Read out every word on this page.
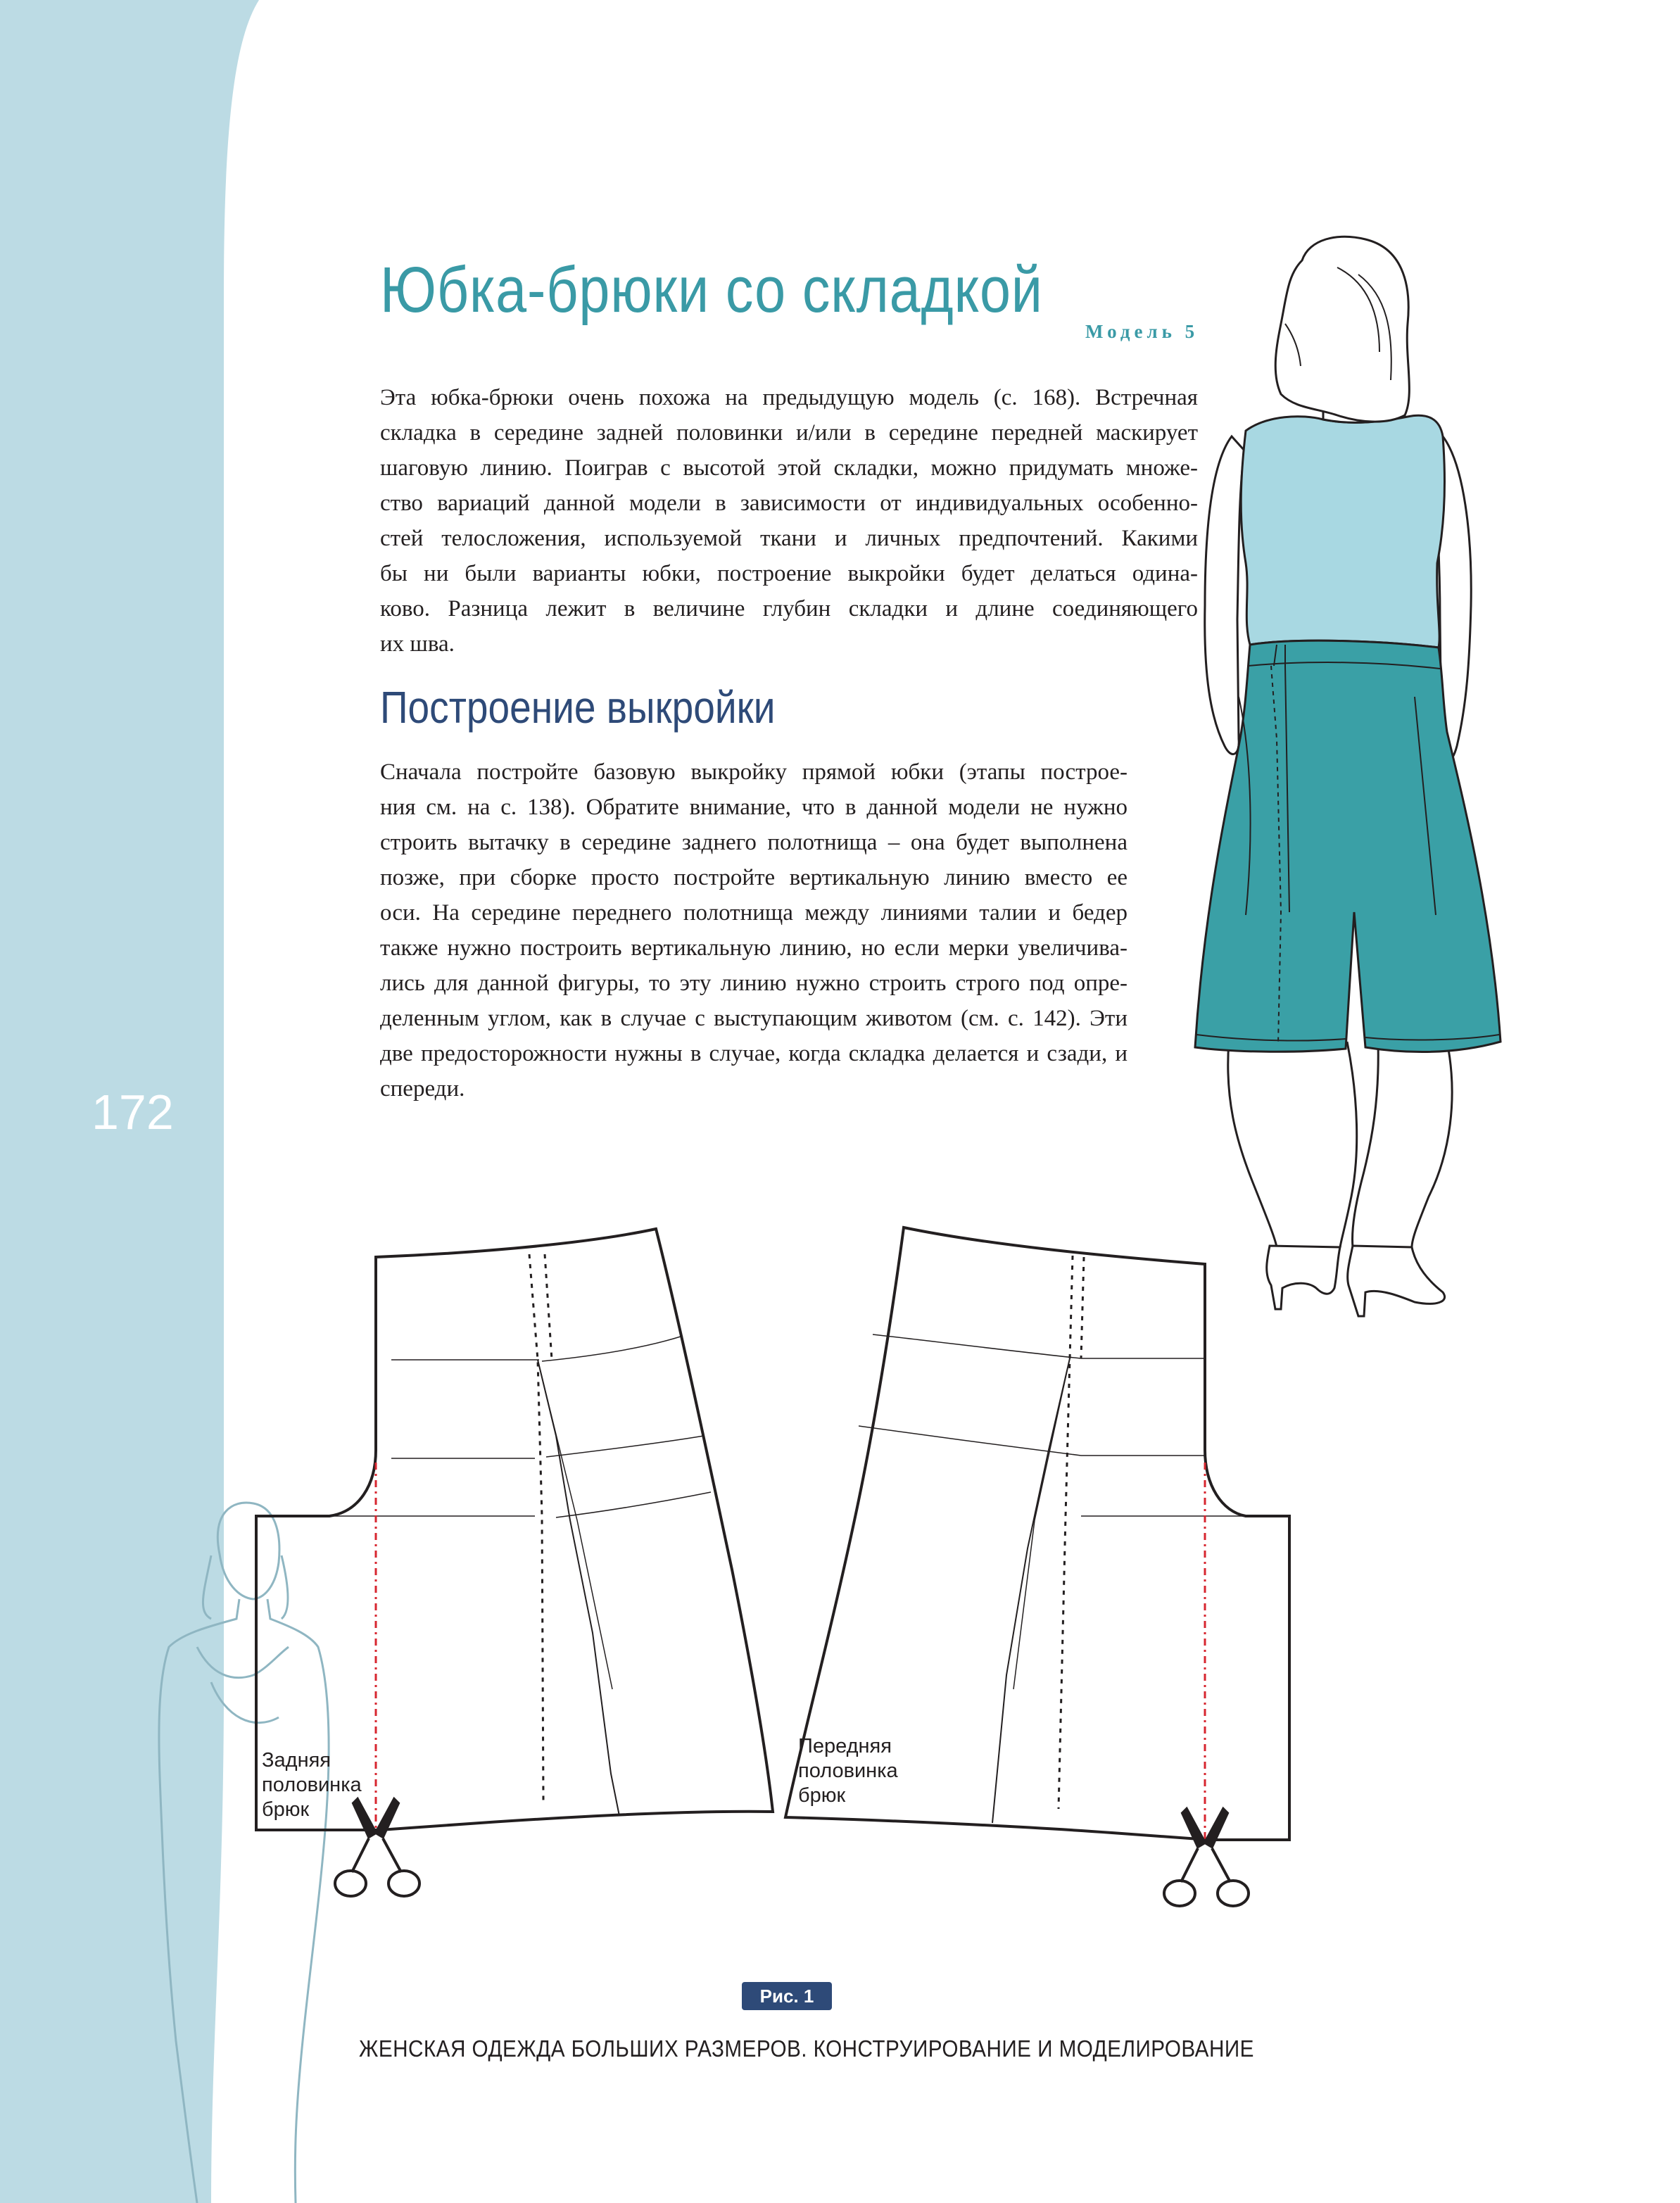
172
Юбка-брюки со складкой
Модель 5
Эта юбка-брюки очень похожа на предыдущую модель (с. 168). Встречная
складка в середине задней половинки и/или в середине передней маскирует
шаговую линию. Поиграв с высотой этой складки, можно придумать множе-
ство вариаций данной модели в зависимости от индивидуальных особенно-
стей телосложения, используемой ткани и личных предпочтений. Какими
бы ни были варианты юбки, построение выкройки будет делаться одина-
ково. Разница лежит в величине глубин складки и длине соединяющего
их шва.
Построение выкройки
Сначала постройте базовую выкройку прямой юбки (этапы построе-
ния см. на с. 138). Обратите внимание, что в данной модели не нужно
строить вытачку в середине заднего полотнища – она будет выполнена
позже, при сборке просто постройте вертикальную линию вместо ее
оси. На середине переднего полотнища между линиями талии и бедер
также нужно построить вертикальную линию, но если мерки увеличива-
лись для данной фигуры, то эту линию нужно строить строго под опре-
деленным углом, как в случае с выступающим животом (см. с. 142). Эти
две предосторожности нужны в случае, когда складка делается и сзади, и
спереди.
Задняя
половинка
брюк
Передняя
половинка
брюк
Рис. 1
ЖЕНСКАЯ ОДЕЖДА БОЛЬШИХ РАЗМЕРОВ. КОНСТРУИРОВАНИЕ И МОДЕЛИРОВАНИЕ
